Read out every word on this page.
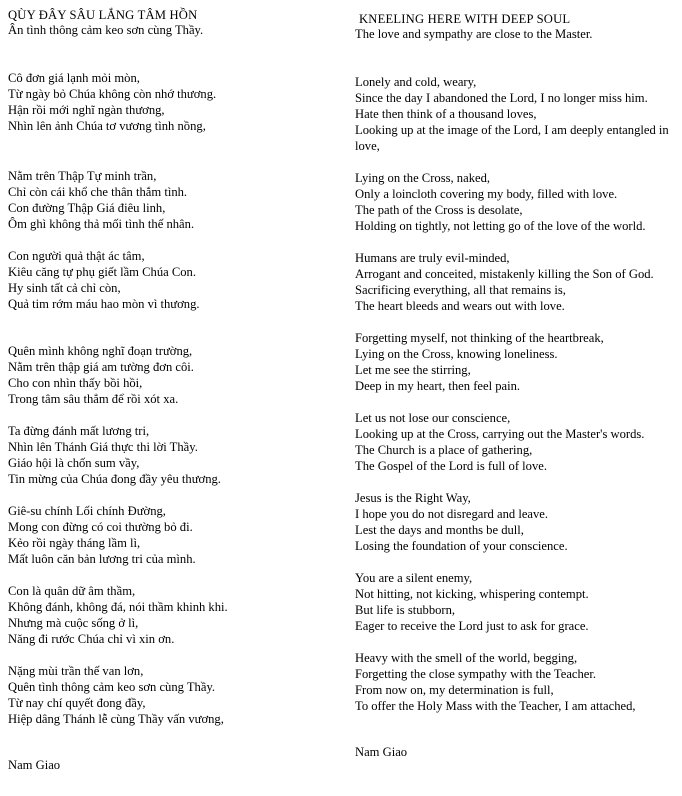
QÙY ĐÂY SÂU LẮNG TÂM HỒN
Ân tình thông cảm keo sơn cùng Thầy.
Cô đơn giá lạnh mỏi mòn,
Từ ngày bỏ Chúa không còn nhớ thương.
Hận rồi mới nghĩ ngàn thương,
Nhìn lên ảnh Chúa tơ vương tình nồng,
Nằm trên Thập Tự minh trần,
Chỉ còn cái khổ che thân thắm tình.
Con đường Thập Giá điêu linh,
Ôm ghì không thả mối tình thế nhân.
Con người quả thật ác tâm,
Kiêu căng tự phụ giết lầm Chúa Con.
Hy sinh tất cả chỉ còn,
Quả tim rớm máu hao mòn vì thương.
Quên mình không nghĩ đoạn trường,
Nằm trên thập giá am tường đơn côi.
Cho con nhìn thấy bồi hồi,
Trong tâm sâu thẳm để rồi xót xa.
Ta đừng đánh mất lương tri,
Nhìn lên Thánh Giá thực thi lời Thầy.
Giáo hội là chốn sum vầy,
Tin mừng của Chúa đong đầy yêu thương.
Giê-su chính Lối chính Đường,
Mong con đừng có coi thường bỏ đi.
Kẻo rồi ngày tháng lầm lì,
Mất luôn căn bản lương tri của mình.
Con là quân dữ âm thầm,
Không đánh, không đá, nói thầm khinh khi.
Nhưng mà cuộc sống ở lì,
Năng đi rước Chúa chỉ vì xin ơn.
Nặng mùi trần thế van lơn,
Quên tình thông cảm keo sơn cùng Thầy.
Từ nay chí quyết đong đầy,
Hiệp dâng Thánh lễ cùng Thầy vấn vương,
Nam Giao
KNEELING HERE WITH DEEP SOUL
The love and sympathy are close to the Master.
Lonely and cold, weary,
Since the day I abandoned the Lord, I no longer miss him.
Hate then think of a thousand loves,
Looking up at the image of the Lord, I am deeply entangled in love,
Lying on the Cross, naked,
Only a loincloth covering my body, filled with love.
The path of the Cross is desolate,
Holding on tightly, not letting go of the love of the world.
Humans are truly evil-minded,
Arrogant and conceited, mistakenly killing the Son of God.
Sacrificing everything, all that remains is,
The heart bleeds and wears out with love.
Forgetting myself, not thinking of the heartbreak,
Lying on the Cross, knowing loneliness.
Let me see the stirring,
Deep in my heart, then feel pain.
Let us not lose our conscience,
Looking up at the Cross, carrying out the Master's words.
The Church is a place of gathering,
The Gospel of the Lord is full of love.
Jesus is the Right Way,
I hope you do not disregard and leave.
Lest the days and months be dull,
Losing the foundation of your conscience.
You are a silent enemy,
Not hitting, not kicking, whispering contempt.
But life is stubborn,
Eager to receive the Lord just to ask for grace.
Heavy with the smell of the world, begging,
Forgetting the close sympathy with the Teacher.
From now on, my determination is full,
To offer the Holy Mass with the Teacher, I am attached,
Nam Giao
